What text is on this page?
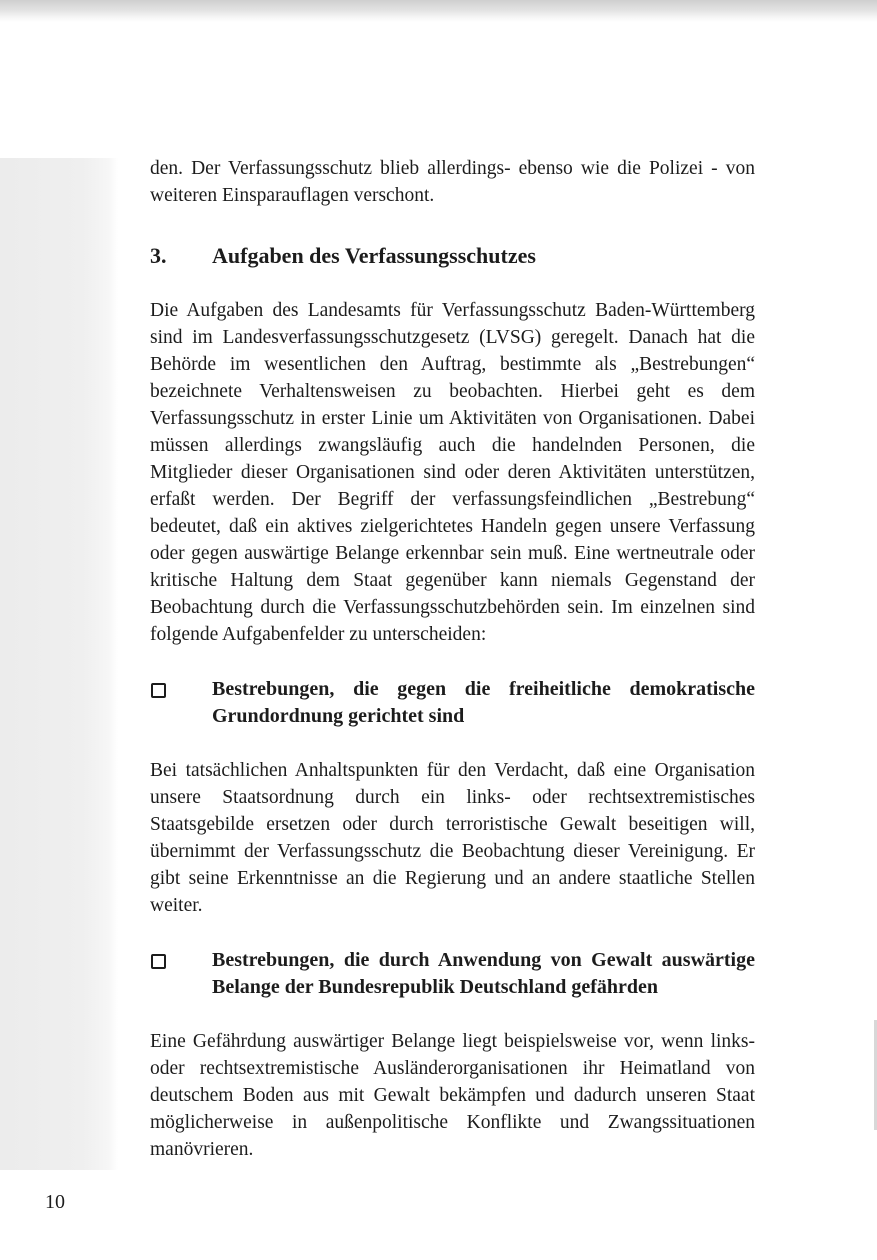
den. Der Verfassungsschutz blieb allerdings- ebenso wie die Polizei - von weiteren Einsparauflagen verschont.

3.	Aufgaben des Verfassungsschutzes

Die Aufgaben des Landesamts für Verfassungsschutz Baden-Württemberg sind im Landesverfassungsschutzgesetz (LVSG) geregelt. Danach hat die Behörde im wesentlichen den Auftrag, bestimmte als „Bestrebungen“ bezeichnete Verhaltensweisen zu beobachten. Hierbei geht es dem Verfassungsschutz in erster Linie um Aktivitäten von Organisationen. Dabei müssen allerdings zwangsläufig auch die handelnden Personen, die Mitglieder dieser Organisationen sind oder deren Aktivitäten unterstützen, erfaßt werden. Der Begriff der verfassungsfeindlichen „Bestrebung“ bedeutet, daß ein aktives zielgerichtetes Handeln gegen unsere Verfassung oder gegen auswärtige Belange erkennbar sein muß. Eine wertneutrale oder kritische Haltung dem Staat gegenüber kann niemals Gegenstand der Beobachtung durch die Verfassungsschutzbehörden sein. Im einzelnen sind folgende Aufgabenfelder zu unterscheiden:

Bestrebungen, die gegen die freiheitliche demokratische Grundordnung gerichtet sind

Bei tatsächlichen Anhaltspunkten für den Verdacht, daß eine Organisation unsere Staatsordnung durch ein links- oder rechtsextremistisches Staatsgebilde ersetzen oder durch terroristische Gewalt beseitigen will, übernimmt der Verfassungsschutz die Beobachtung dieser Vereinigung. Er gibt seine Erkenntnisse an die Regierung und an andere staatliche Stellen weiter.

Bestrebungen, die durch Anwendung von Gewalt auswärtige Belange der Bundesrepublik Deutschland gefährden

Eine Gefährdung auswärtiger Belange liegt beispielsweise vor, wenn links- oder rechtsextremistische Ausländerorganisationen ihr Heimatland von deutschem Boden aus mit Gewalt bekämpfen und dadurch unseren Staat möglicherweise in außenpolitische Konflikte und Zwangssituationen manövrieren.

10
